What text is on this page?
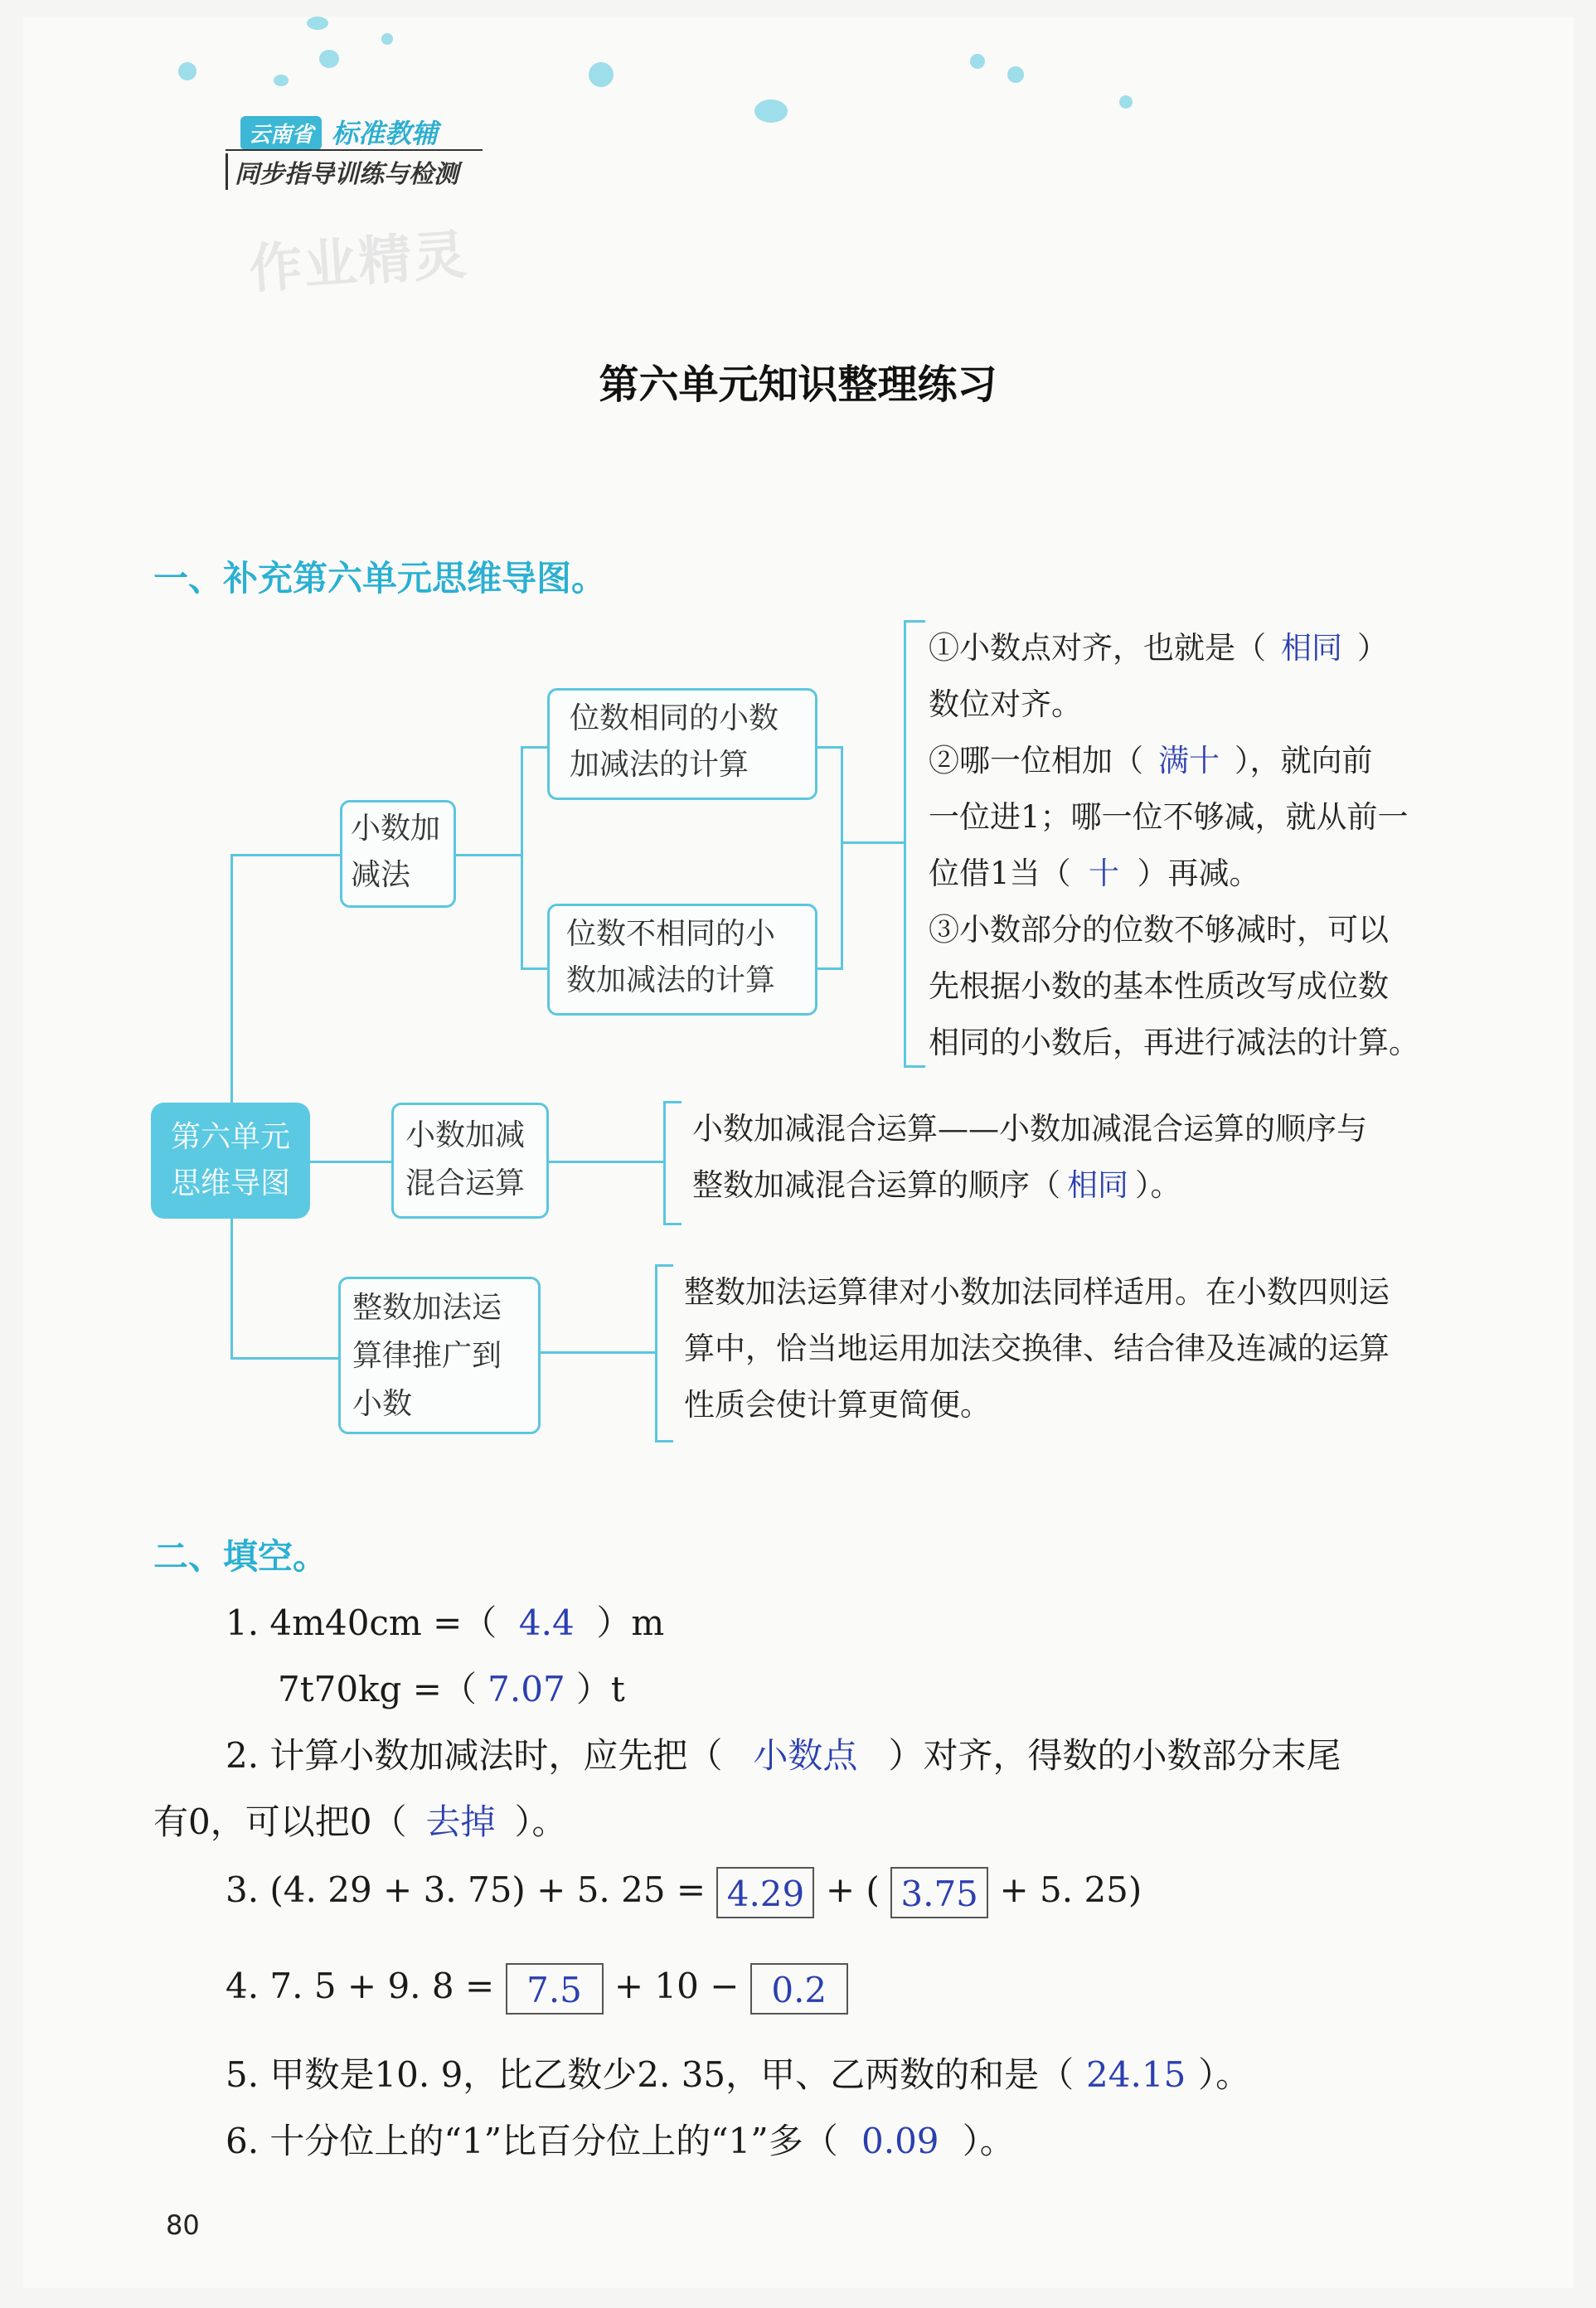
云南省 标准教辅
同步指导训练与检测
作业精灵
第六单元知识整理练习
一、补充第六单元思维导图。
第六单元
思维导图
小数加
减法
位数相同的小数
加减法的计算
位数不相同的小
数加减法的计算
①小数点对齐，也就是（ 相同 ）
数位对齐。
②哪一位相加（ 满十 ），就向前
一位进1；哪一位不够减，就从前一
位借1当（ 十 ）再减。
③小数部分的位数不够减时，可以
先根据小数的基本性质改写成位数
相同的小数后，再进行减法的计算。
小数加减
混合运算
小数加减混合运算——小数加减混合运算的顺序与
整数加减混合运算的顺序（ 相同 ）。
整数加法运
算律推广到
小数
整数加法运算律对小数加法同样适用。在小数四则运
算中，恰当地运用加法交换律、结合律及连减的运算
性质会使计算更简便。
二、填空。
1. 4m40cm =（ 4.4 ）m
7t70kg =（ 7.07 ）t
2. 计算小数加减法时，应先把（ 小数点 ）对齐，得数的小数部分末尾
有0，可以把0（ 去掉 ）。
3. (4. 29 + 3. 75) + 5. 25 = 4.29 + ( 3.75 + 5. 25)
4. 7. 5 + 9. 8 = 7.5 + 10 − 0.2
5. 甲数是10. 9，比乙数少2. 35，甲、乙两数的和是（ 24.15 ）。
6. 十分位上的“1”比百分位上的“1”多（ 0.09 ）。
80
